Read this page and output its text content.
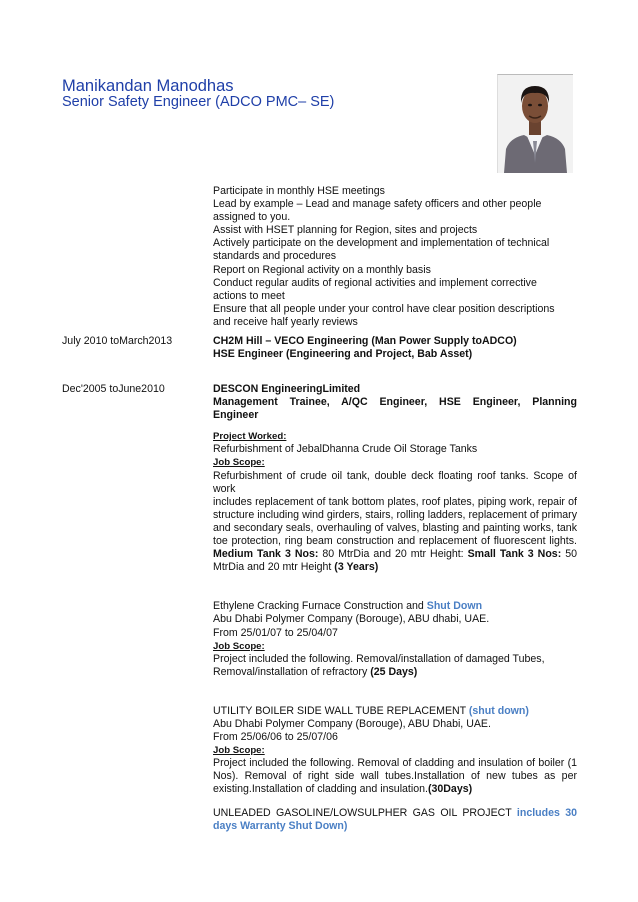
Manikandan Manodhas
Senior Safety Engineer (ADCO PMC– SE)
Participate in monthly HSE meetings
Lead by example – Lead and manage safety officers and other people
assigned to you.
Assist with HSET planning for Region, sites and projects
Actively participate on the development and implementation of technical
standards and procedures
Report on Regional activity on a monthly basis
Conduct regular audits of regional activities and implement corrective
actions to meet
Ensure that all people under your control have clear position descriptions
and receive half yearly reviews
July 2010 toMarch2013	CH2M Hill – VECO Engineering (Man Power Supply toADCO)
HSE Engineer (Engineering and Project, Bab Asset)
Dec'2005 toJune2010	DESCON EngineeringLimited
Management Trainee, A/QC Engineer, HSE Engineer, Planning
Engineer
Project Worked:
Refurbishment of JebalDhanna Crude Oil Storage Tanks
Job Scope:
Refurbishment of crude oil tank, double deck floating roof tanks. Scope of work
includes replacement of tank bottom plates, roof plates, piping work, repair of
structure including wind girders, stairs, rolling ladders, replacement of primary
and secondary seals, overhauling of valves, blasting and painting works, tank
toe protection, ring beam construction and replacement of fluorescent lights.
Medium Tank 3 Nos: 80 MtrDia and 20 mtr Height: Small Tank 3 Nos: 50
MtrDia and 20 mtr Height (3 Years)
Ethylene Cracking Furnace Construction and Shut Down
Abu Dhabi Polymer Company (Borouge), ABU dhabi, UAE.
From 25/01/07 to 25/04/07
Job Scope:
Project included the following. Removal/installation of damaged Tubes,
Removal/installation of refractory (25 Days)
UTILITY BOILER SIDE WALL TUBE REPLACEMENT (shut down)
Abu Dhabi Polymer Company (Borouge), ABU Dhabi, UAE.
From 25/06/06 to 25/07/06
Job Scope:
Project included the following. Removal of cladding and insulation of boiler (1
Nos). Removal of right side wall tubes.Installation of new tubes as per
existing.Installation of cladding and insulation.(30Days)
UNLEADED GASOLINE/LOWSULPHER GAS OIL PROJECT includes 30
days Warranty Shut Down)
